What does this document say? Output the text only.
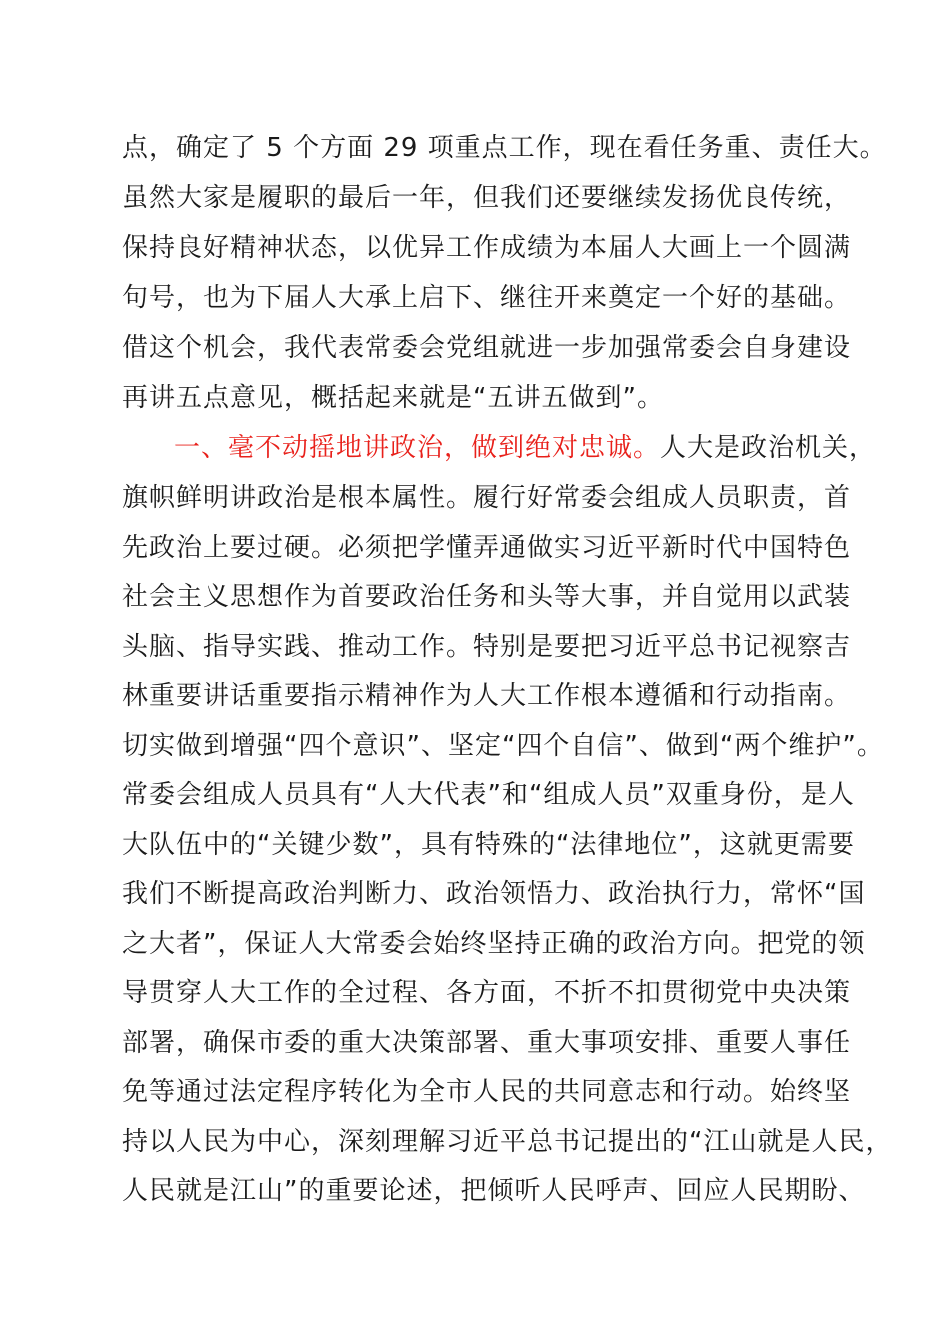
点，确定了 5 个方面 29 项重点工作，现在看任务重、责任大。
虽然大家是履职的最后一年，但我们还要继续发扬优良传统，
保持良好精神状态，以优异工作成绩为本届人大画上一个圆满
句号，也为下届人大承上启下、继往开来奠定一个好的基础。
借这个机会，我代表常委会党组就进一步加强常委会自身建设
再讲五点意见，概括起来就是“五讲五做到”。
一、毫不动摇地讲政治，做到绝对忠诚。人大是政治机关，
旗帜鲜明讲政治是根本属性。履行好常委会组成人员职责，首
先政治上要过硬。必须把学懂弄通做实习近平新时代中国特色
社会主义思想作为首要政治任务和头等大事，并自觉用以武装
头脑、指导实践、推动工作。特别是要把习近平总书记视察吉
林重要讲话重要指示精神作为人大工作根本遵循和行动指南。
切实做到增强“四个意识”、坚定“四个自信”、做到“两个维护”。
常委会组成人员具有“人大代表”和“组成人员”双重身份，是人
大队伍中的“关键少数”，具有特殊的“法律地位”，这就更需要
我们不断提高政治判断力、政治领悟力、政治执行力，常怀“国
之大者”，保证人大常委会始终坚持正确的政治方向。把党的领
导贯穿人大工作的全过程、各方面，不折不扣贯彻党中央决策
部署，确保市委的重大决策部署、重大事项安排、重要人事任
免等通过法定程序转化为全市人民的共同意志和行动。始终坚
持以人民为中心，深刻理解习近平总书记提出的“江山就是人民，
人民就是江山”的重要论述，把倾听人民呼声、回应人民期盼、
